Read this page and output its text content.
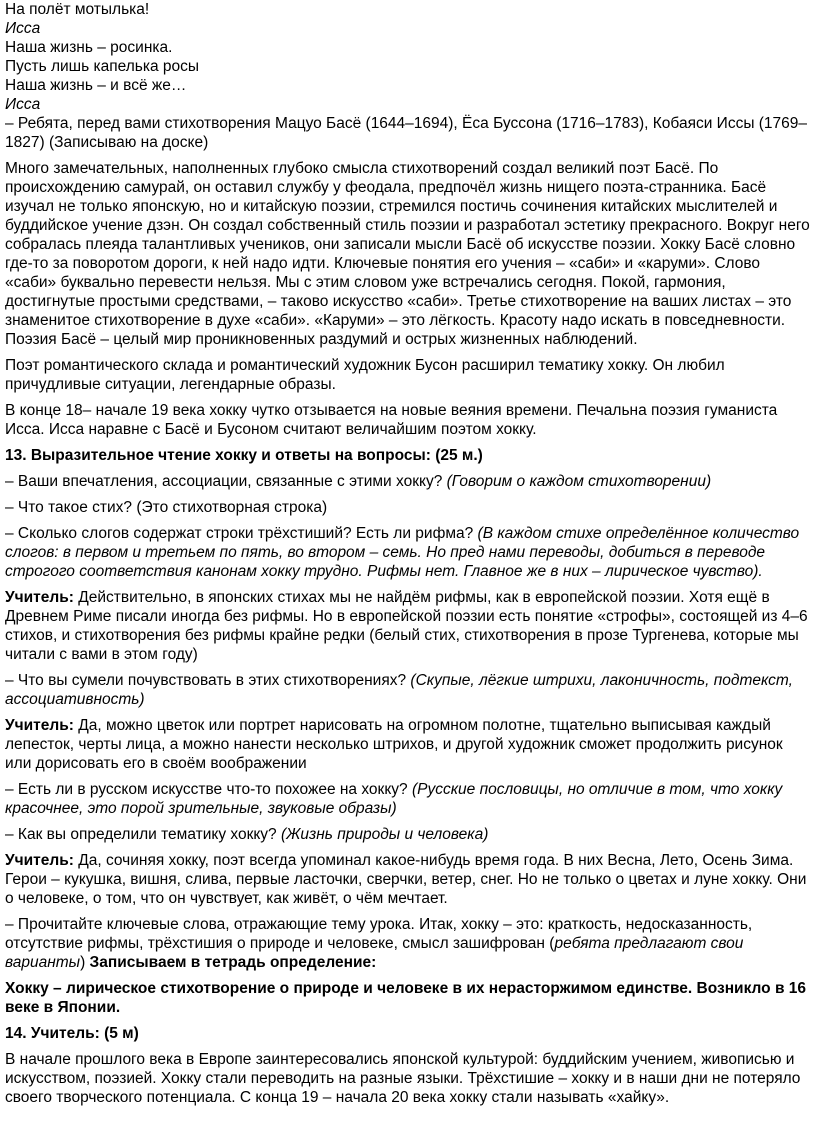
На полёт мотылька!
Исса
Наша жизнь – росинка.
Пусть лишь капелька росы
Наша жизнь – и всё же…
Исса

– Ребята, перед вами стихотворения Мацуо Басё (1644–1694), Ёса Буссона (1716–1783), Кобаяси Иссы (1769–1827) (Записываю на доске)

Много замечательных, наполненных глубоко смысла стихотворений создал великий поэт Басё. По происхождению самурай, он оставил службу у феодала, предпочёл жизнь нищего поэта-странника. Басё изучал не только японскую, но и китайскую поэзии, стремился постичь сочинения китайских мыслителей и буддийское учение дзэн. Он создал собственный стиль поэзии и разработал эстетику прекрасного. Вокруг него собралась плеяда талантливых учеников, они записали мысли Басё об искусстве поэзии. Хокку Басё словно где-то за поворотом дороги, к ней надо идти. Ключевые понятия его учения – «саби» и «каруми». Слово «саби» буквально перевести нельзя. Мы с этим словом уже встречались сегодня. Покой, гармония, достигнутые простыми средствами, – таково искусство «саби». Третье стихотворение на ваших листах – это знаменитое стихотворение в духе «саби». «Каруми» – это лёгкость. Красоту надо искать в повседневности. Поэзия Басё – целый мир проникновенных раздумий и острых жизненных наблюдений.

Поэт романтического склада и романтический художник Бусон расширил тематику хокку. Он любил причудливые ситуации, легендарные образы.

В конце 18– начале 19 века хокку чутко отзывается на новые веяния времени. Печальна поэзия гуманиста Исса. Исса наравне с Басё и Бусоном считают величайшим поэтом хокку.

13. Выразительное чтение хокку и ответы на вопросы: (25 м.)

– Ваши впечатления, ассоциации, связанные с этими хокку? (Говорим о каждом стихотворении)

– Что такое стих? (Это стихотворная строка)

– Сколько слогов содержат строки трёхстиший? Есть ли рифма? (В каждом стихе определённое количество слогов: в первом и третьем по пять, во втором – семь. Но пред нами переводы, добиться в переводе строгого соответствия канонам хокку трудно. Рифмы нет. Главное же в них – лирическое чувство).

Учитель: Действительно, в японских стихах мы не найдём рифмы, как в европейской поэзии. Хотя ещё в Древнем Риме писали иногда без рифмы. Но в европейской поэзии есть понятие «строфы», состоящей из 4–6 стихов, и стихотворения без рифмы крайне редки (белый стих, стихотворения в прозе Тургенева, которые мы читали с вами в этом году)

– Что вы сумели почувствовать в этих стихотворениях? (Скупые, лёгкие штрихи, лаконичность, подтекст, ассоциативность)

Учитель: Да, можно цветок или портрет нарисовать на огромном полотне, тщательно выписывая каждый лепесток, черты лица, а можно нанести несколько штрихов, и другой художник сможет продолжить рисунок или дорисовать его в своём воображении

– Есть ли в русском искусстве что-то похожее на хокку? (Русские пословицы, но отличие в том, что хокку красочнее, это порой зрительные, звуковые образы)

– Как вы определили тематику хокку? (Жизнь природы и человека)

Учитель: Да, сочиняя хокку, поэт всегда упоминал какое-нибудь время года. В них Весна, Лето, Осень Зима. Герои – кукушка, вишня, слива, первые ласточки, сверчки, ветер, снег. Но не только о цветах и луне хокку. Они о человеке, о том, что он чувствует, как живёт, о чём мечтает.

– Прочитайте ключевые слова, отражающие тему урока. Итак, хокку – это: краткость, недосказанность, отсутствие рифмы, трёхстишия о природе и человеке, смысл зашифрован (ребята предлагают свои варианты) Записываем в тетрадь определение:

Хокку – лирическое стихотворение о природе и человеке в их нерасторжимом единстве. Возникло в 16 веке в Японии.

14. Учитель: (5 м)

В начале прошлого века в Европе заинтересовались японской культурой: буддийским учением, живописью и искусством, поэзией. Хокку стали переводить на разные языки. Трёхстишие – хокку и в наши дни не потеряло своего творческого потенциала. С конца 19 – начала 20 века хокку стали называть «хайку».
